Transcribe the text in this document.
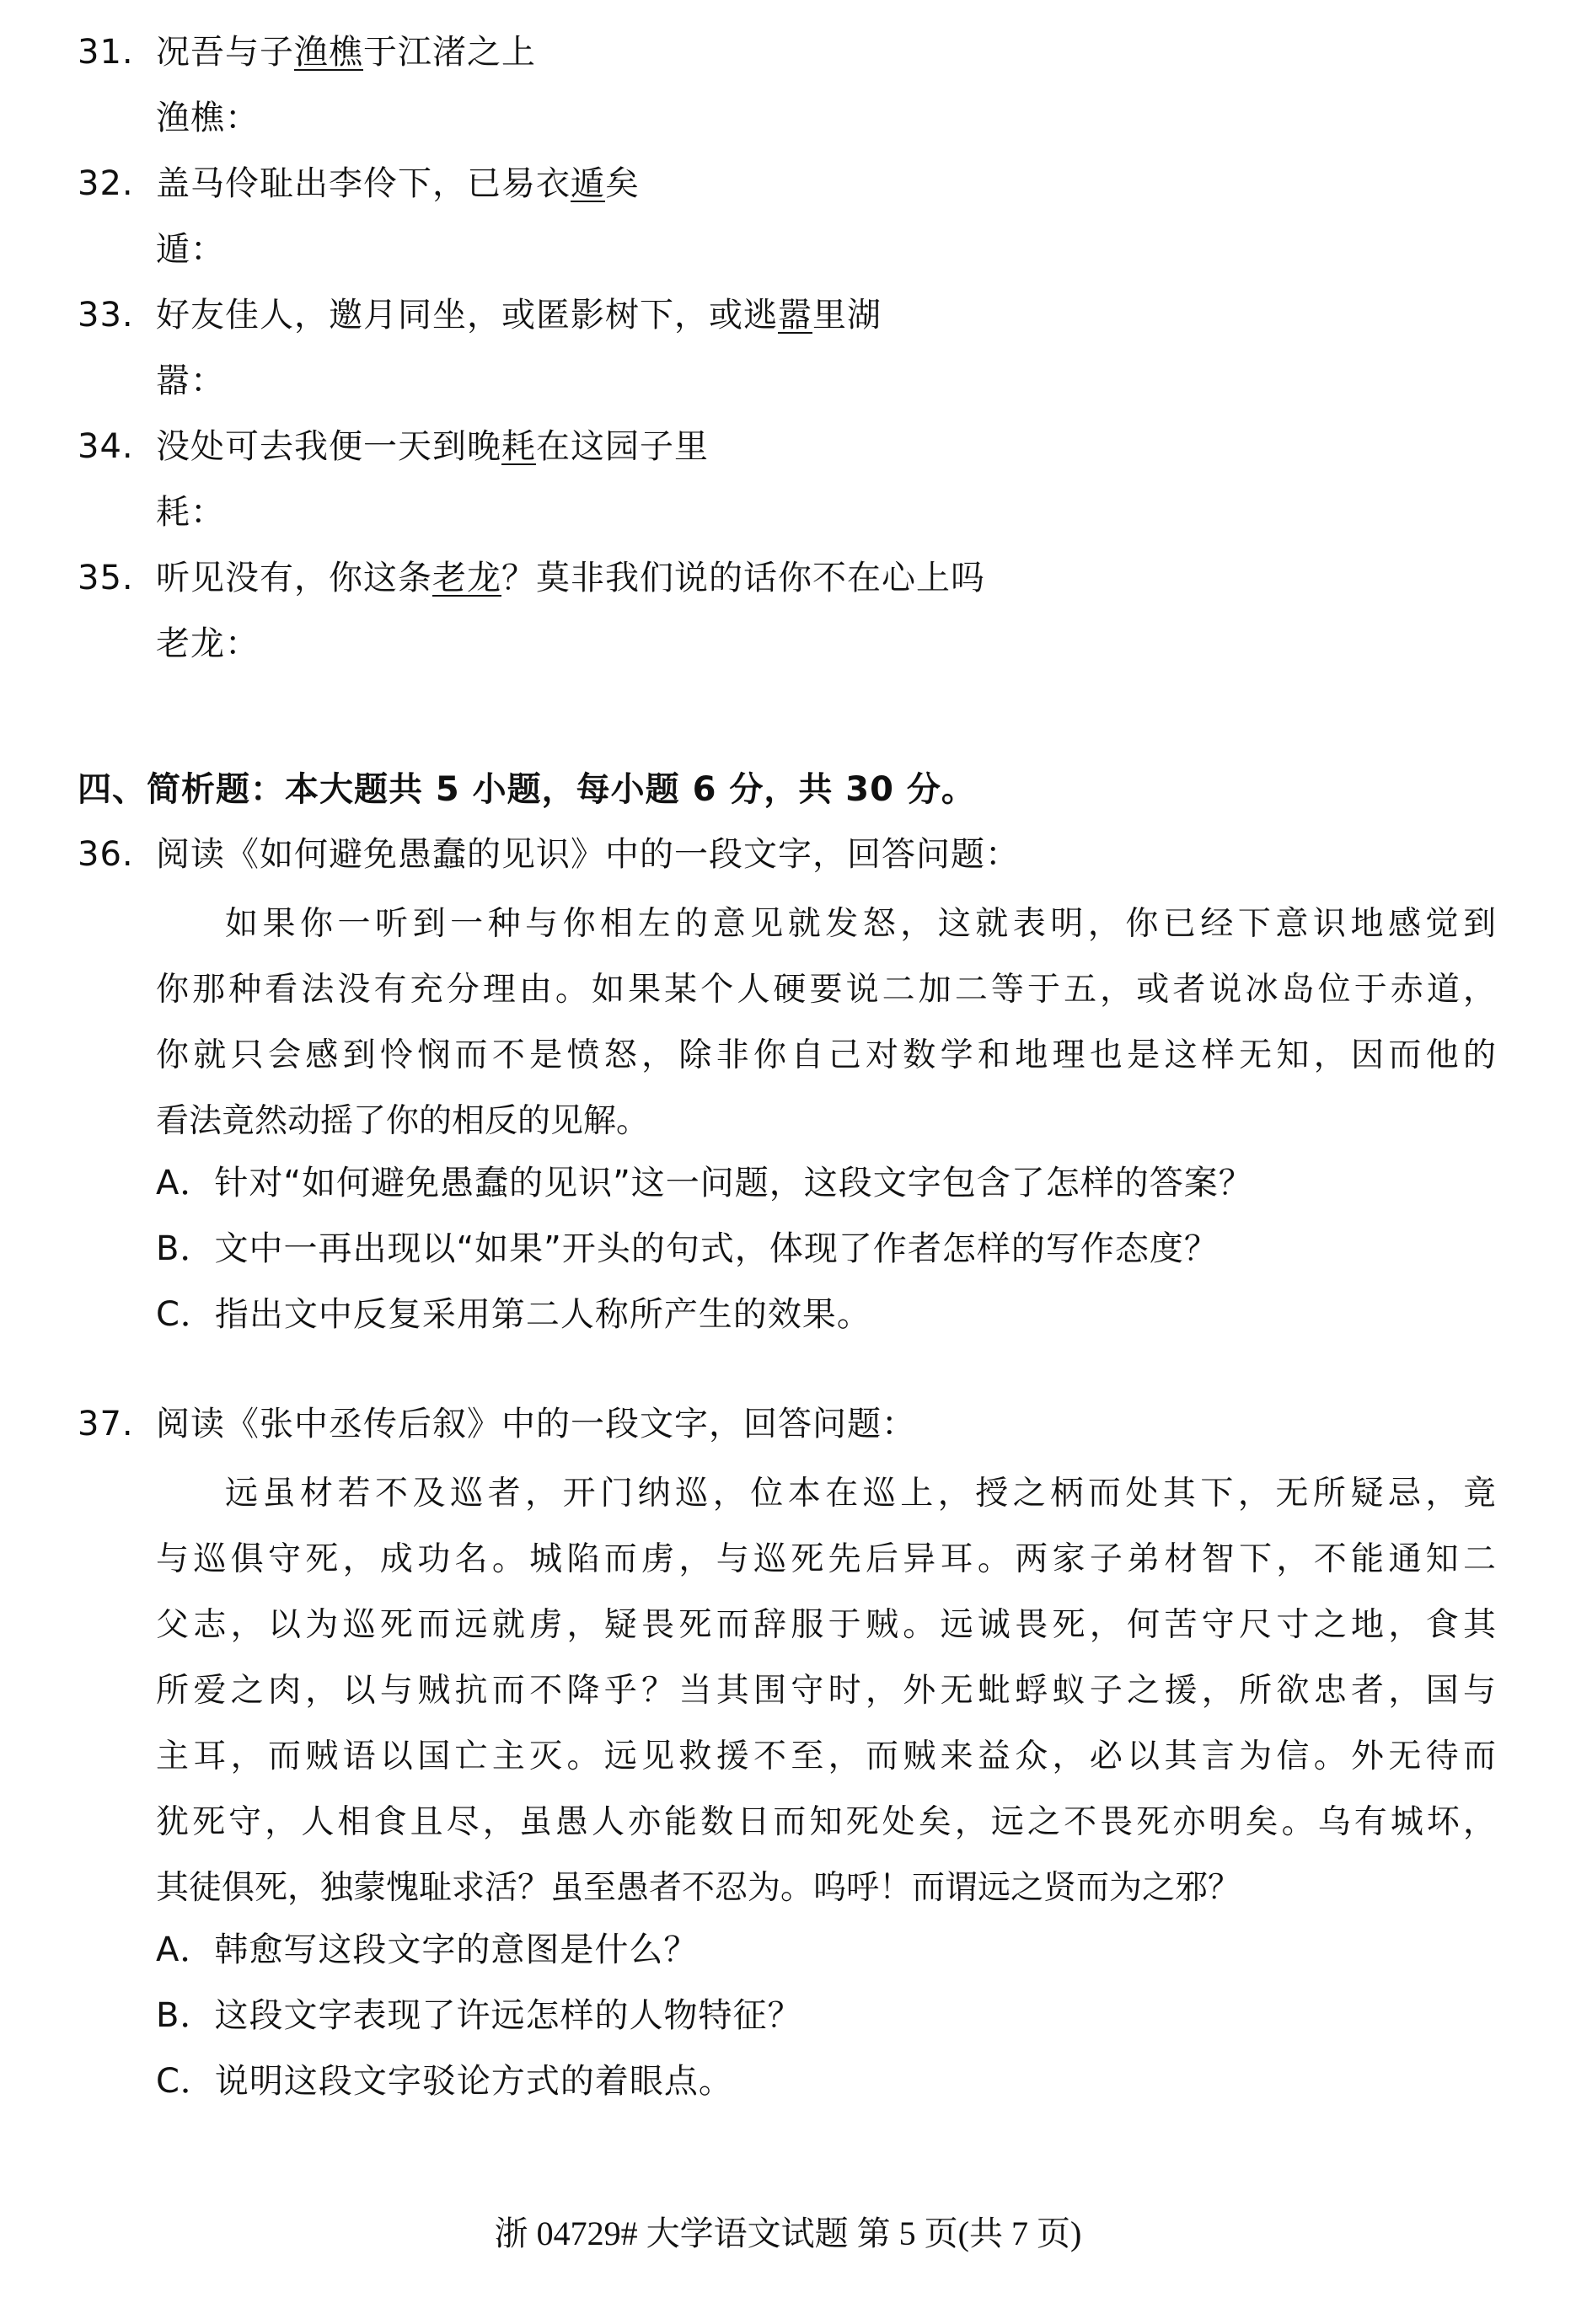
31. 况吾与子渔樵于江渚之上
渔樵：
32. 盖马伶耻出李伶下，已易衣遁矣
遁：
33. 好友佳人，邀月同坐，或匿影树下，或逃嚣里湖
嚣：
34. 没处可去我便一天到晚耗在这园子里
耗：
35. 听见没有，你这条老龙？莫非我们说的话你不在心上吗
老龙：
四、简析题：本大题共 5 小题，每小题 6 分，共 30 分。
36. 阅读《如何避免愚蠢的见识》中的一段文字，回答问题：
如果你一听到一种与你相左的意见就发怒，这就表明，你已经下意识地感觉到
你那种看法没有充分理由。如果某个人硬要说二加二等于五，或者说冰岛位于赤道，
你就只会感到怜悯而不是愤怒，除非你自己对数学和地理也是这样无知，因而他的
看法竟然动摇了你的相反的见解。
A．针对“如何避免愚蠢的见识”这一问题，这段文字包含了怎样的答案？
B．文中一再出现以“如果”开头的句式，体现了作者怎样的写作态度？
C．指出文中反复采用第二人称所产生的效果。
37. 阅读《张中丞传后叙》中的一段文字，回答问题：
远虽材若不及巡者，开门纳巡，位本在巡上，授之柄而处其下，无所疑忌，竟
与巡俱守死，成功名。城陷而虏，与巡死先后异耳。两家子弟材智下，不能通知二
父志，以为巡死而远就虏，疑畏死而辞服于贼。远诚畏死，何苦守尺寸之地，食其
所爱之肉，以与贼抗而不降乎？当其围守时，外无蚍蜉蚁子之援，所欲忠者，国与
主耳，而贼语以国亡主灭。远见救援不至，而贼来益众，必以其言为信。外无待而
犹死守，人相食且尽，虽愚人亦能数日而知死处矣，远之不畏死亦明矣。乌有城坏，
其徒俱死，独蒙愧耻求活？虽至愚者不忍为。呜呼！而谓远之贤而为之邪？
A．韩愈写这段文字的意图是什么？
B．这段文字表现了许远怎样的人物特征？
C．说明这段文字驳论方式的着眼点。
浙 04729# 大学语文试题 第 5 页(共 7 页)
